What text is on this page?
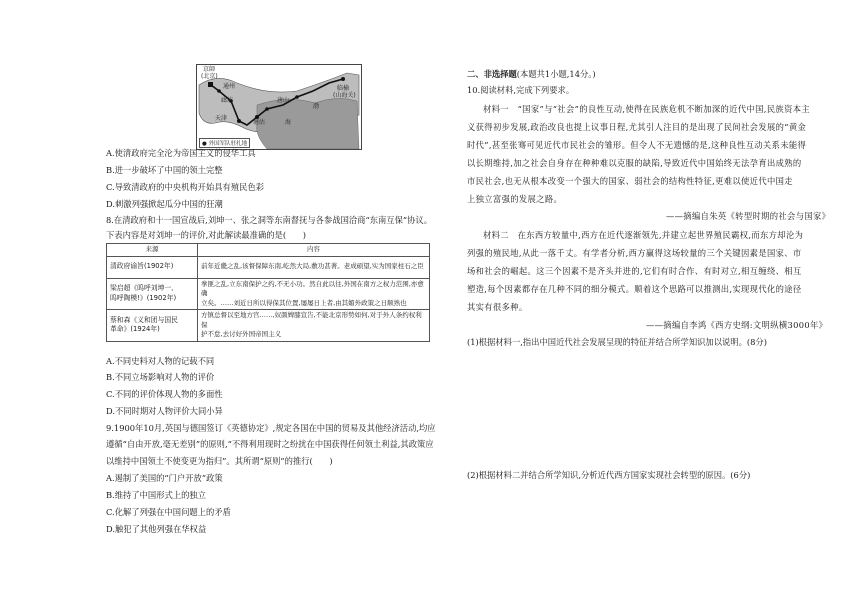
京師
(北京)
通州
廊坊
天津
塘沽
唐山
海
渤
临榆
(山海关)
● 外国军队驻扎地
A.使清政府完全沦为帝国主义的侵华工具
B.进一步破坏了中国的领土完整
C.导致清政府的中央机构开始具有殖民色彩
D.刺激列强掀起瓜分中国的狂潮
8.在清政府和十一国宣战后,刘坤一、张之洞等东南督抚与各参战国洽商“东南互保”协议。
下表内容是对刘坤一的评价,对此解读最准确的是(　　)
来源	内容
清政府谕旨(1902年)	前年近畿之乱,该督保障东南,屹然大局,敷功甚著。老成硕望,实为国家柱石之臣
梁启超《呜呼刘坤一、
呜呼陶模!》(1902年)	拳匪之乱,立东南保护之约,不无小功。然自此以往,外国在南方之权力范围,亦愈确
立矣。……刘近日所以得保其位置,屡屡日上者,由其媚外政策之日顺熟也
蔡和森《义和团与国民
革命》(1924年)	方镇总督以至地方官……,奴颜婢膝宣告,不能北京形势如何,对于外人条约权利保
护不怠,去讨好外国帝国主义
A.不同史料对人物的记载不同
B.不同立场影响对人物的评价
C.不同的评价体现人物的多面性
D.不同时期对人物评价大同小异
9.1900年10月,英国与德国签订《英德协定》,规定各国在中国的贸易及其他经济活动,均应
遵循“自由开放,毫无差别”的原则,“不得利用现时之纷扰在中国获得任何领土利益,其政策应
以维持中国领土不使变更为指归”。其所谓“原则”的推行(　　)
A.遏制了美国的“门户开放”政策
B.维持了中国形式上的独立
C.化解了列强在中国问题上的矛盾
D.触犯了其他列强在华权益
二、非选择题(本题共1小题,14分。)
10.阅读材料,完成下列要求。
材料一　“国家”与“社会”的良性互动,使得在民族危机不断加深的近代中国,民族资本主
义获得初步发展,政治改良也提上议事日程,尤其引人注目的是出现了民间社会发展的“黄金
时代”,甚至张骞可见近代市民社会的雏形。但令人不无遗憾的是,这种良性互动关系未能得
以长期维持,加之社会自身存在种种难以克服的缺陷,导致近代中国始终无法孕育出成熟的
市民社会,也无从根本改变一个强大的国家、弱社会的结构性特征,更难以使近代中国走
上独立富强的发展之路。
——摘编自朱英《转型时期的社会与国家》
材料二　在东西方较量中,西方在近代逐渐领先,并建立起世界殖民霸权,而东方却沦为
列强的殖民地,从此一落千丈。有学者分析,西方赢得这场较量的三个关键因素是国家、市
场和社会的崛起。这三个因素不是齐头并进的,它们有时合作、有时对立,相互缠绕、相互
塑造,每个因素都存在几种不同的细分模式。顺着这个思路可以推测出,实现现代化的途径
其实有很多种。
——摘编自李鸿《西方史纲:文明纵横3000年》
(1)根据材料一,指出中国近代社会发展呈现的特征并结合所学知识加以说明。(8分)
(2)根据材料二并结合所学知识,分析近代西方国家实现社会转型的原因。(6分)
